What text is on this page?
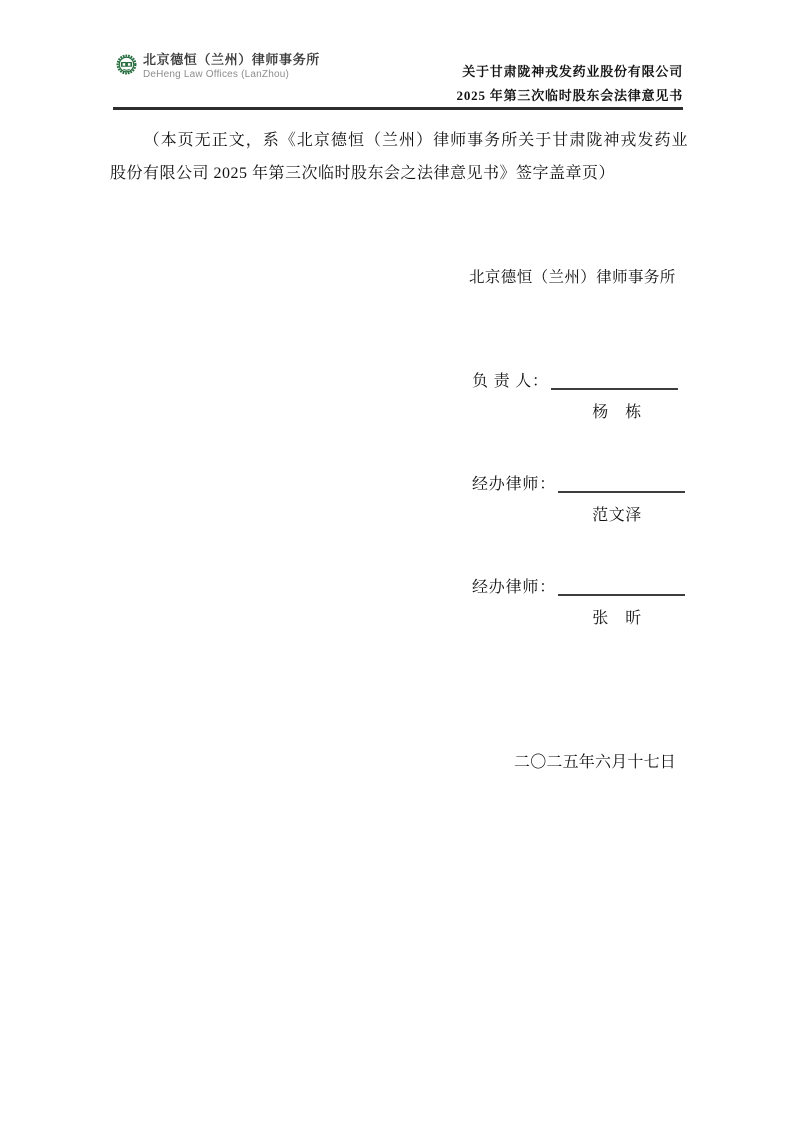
北京德恒（兰州）律师事务所
DeHeng Law Offices (LanZhou)	关于甘肃陇神戎发药业股份有限公司
2025 年第三次临时股东会法律意见书

（本页无正文，系《北京德恒（兰州）律师事务所关于甘肃陇神戎发药业股份有限公司 2025 年第三次临时股东会之法律意见书》签字盖章页）

北京德恒（兰州）律师事务所
负 责 人：
杨　栋
经办律师：
范文泽
经办律师：
张　昕
二〇二五年六月十七日
